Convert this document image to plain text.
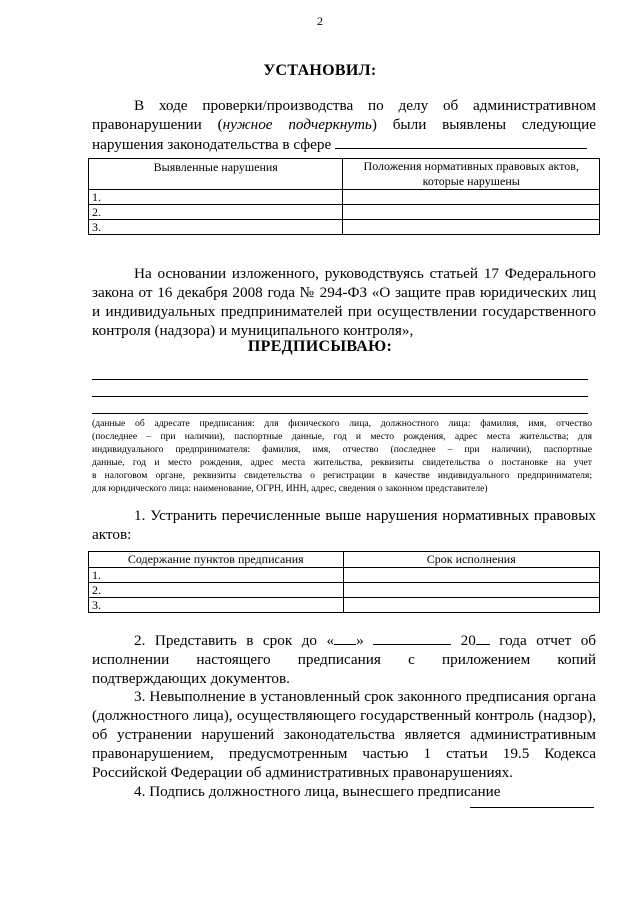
2
УСТАНОВИЛ:
В ходе проверки/производства по делу об административном
правонарушении (нужное подчеркнуть) были выявлены следующие
нарушения законодательства в сфере
Выявленные нарушения	Положения нормативных правовых актов,
которые нарушены
1.	
2.	
3.	
На основании изложенного, руководствуясь статьей 17 Федерального
закона от 16 декабря 2008 года № 294-ФЗ «О защите прав юридических лиц
и индивидуальных предпринимателей при осуществлении государственного
контроля (надзора) и муниципального контроля»,
ПРЕДПИСЫВАЮ:
(данные об адресате предписания: для физического лица, должностного лица: фамилия, имя, отчество
(последнее – при наличии), паспортные данные, год и место рождения, адрес места жительства; для
индивидуального предпринимателя: фамилия, имя, отчество (последнее – при наличии), паспортные
данные, год и место рождения, адрес места жительства, реквизиты свидетельства о постановке на учет
в налоговом органе, реквизиты свидетельства о регистрации в качестве индивидуального предпринимателя;
для юридического лица: наименование, ОГРН, ИНН, адрес, сведения о законном представителе)
1. Устранить перечисленные выше нарушения нормативных правовых
актов:
Содержание пунктов предписания	Срок исполнения
1.	
2.	
3.	
2. Представить в срок до « »	20 года отчет об
исполнении настоящего предписания с приложением копий
подтверждающих документов.
3. Невыполнение в установленный срок законного предписания органа
(должностного лица), осуществляющего государственный контроль (надзор),
об устранении нарушений законодательства является административным
правонарушением, предусмотренным частью 1 статьи 19.5 Кодекса
Российской Федерации об административных правонарушениях.
4. Подпись должностного лица, вынесшего предписание
